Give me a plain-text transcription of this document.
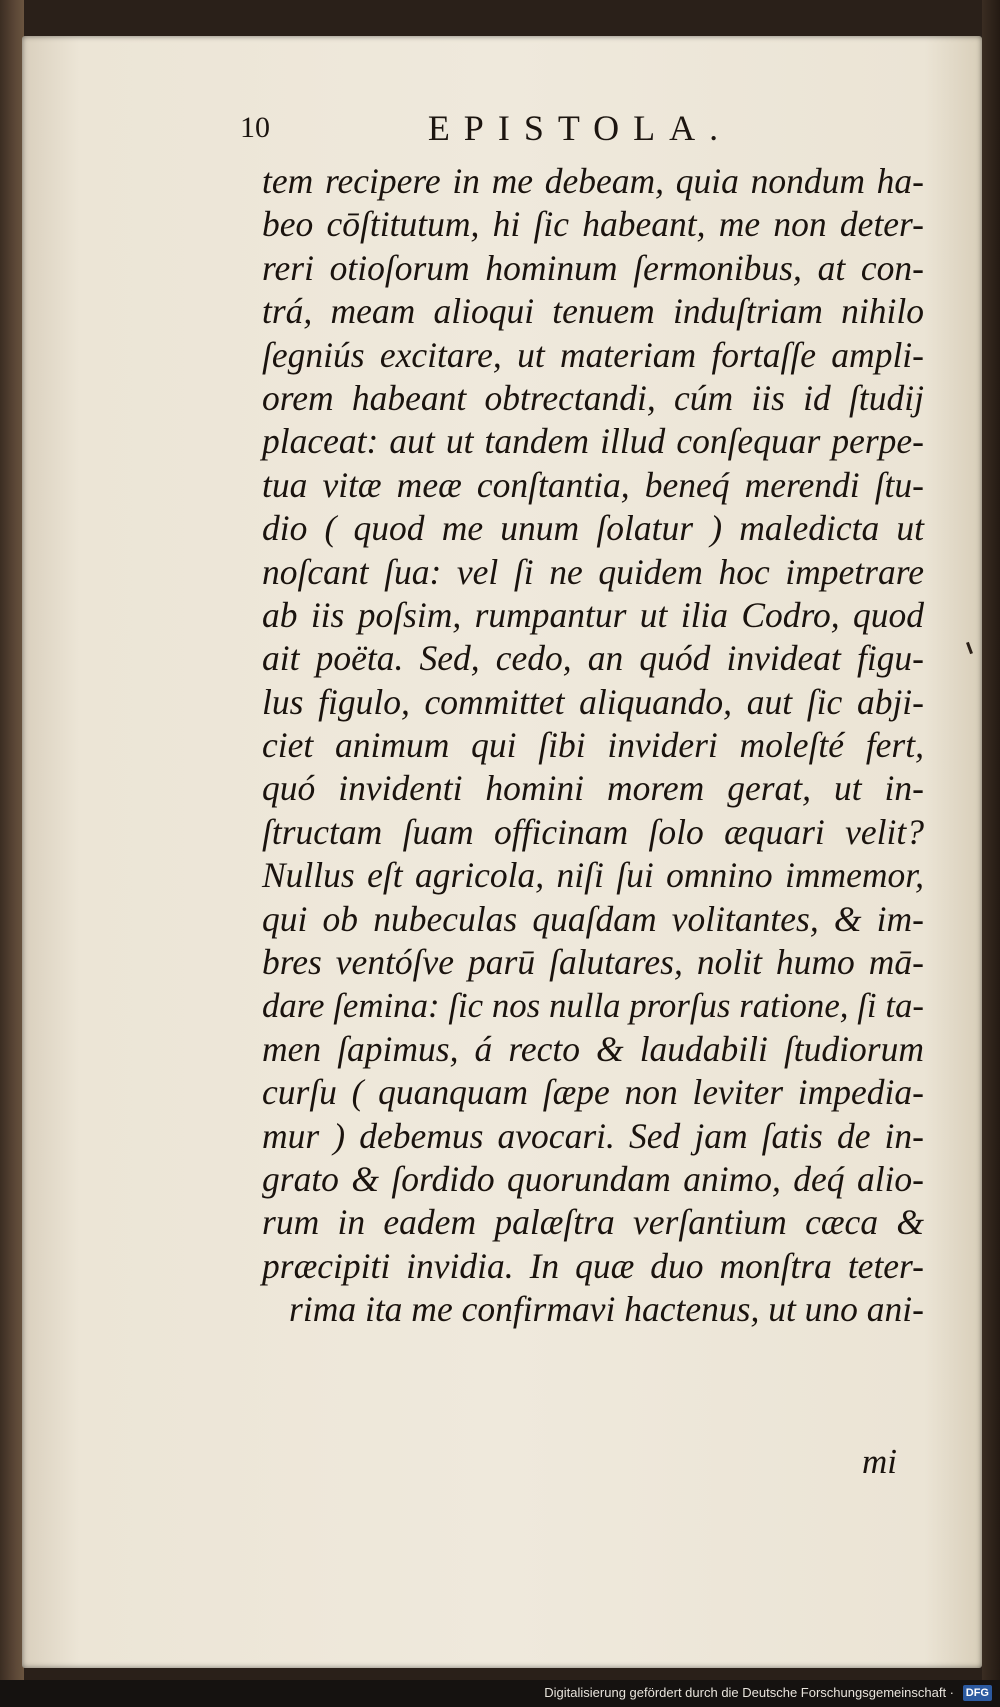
10	EPISTOLA.
tem recipere in me debeam, quia nondum ha-
beo cōſtitutum, hi ſic habeant, me non deter-
reri otioſorum hominum ſermonibus, at con-
trá, meam alioqui tenuem induſtriam nihilo
ſegniús excitare, ut materiam fortaſſe ampli-
orem habeant obtrectandi, cúm iis id ſtudij
placeat: aut ut tandem illud conſequar perpe-
tua vitæ meæ conſtantia, beneq́ merendi ſtu-
dio ( quod me unum ſolatur ) maledicta ut
noſcant ſua: vel ſi ne quidem hoc impetrare
ab iis poſsim, rumpantur ut ilia Codro, quod
ait poëta. Sed, cedo, an quód invideat figu-
lus figulo, committet aliquando, aut ſic abji-
ciet animum qui ſibi invideri moleſté fert,
quó invidenti homini morem gerat, ut in-
ſtructam ſuam officinam ſolo æquari velit?
Nullus eſt agricola, niſi ſui omnino immemor,
qui ob nubeculas quaſdam volitantes, & im-
bres ventóſve parū ſalutares, nolit humo mā-
dare ſemina: ſic nos nulla prorſus ratione, ſi ta-
men ſapimus, á recto & laudabili ſtudiorum
curſu ( quanquam ſæpe non leviter impedia-
mur ) debemus avocari. Sed jam ſatis de in-
grato & ſordido quorundam animo, deq́ alio-
rum in eadem palæſtra verſantium cæca &
præcipiti invidia. In quæ duo monſtra teter-
rima ita me confirmavi hactenus, ut uno ani-
mi
Digitalisierung gefördert durch die Deutsche Forschungsgemeinschaft · DFG
